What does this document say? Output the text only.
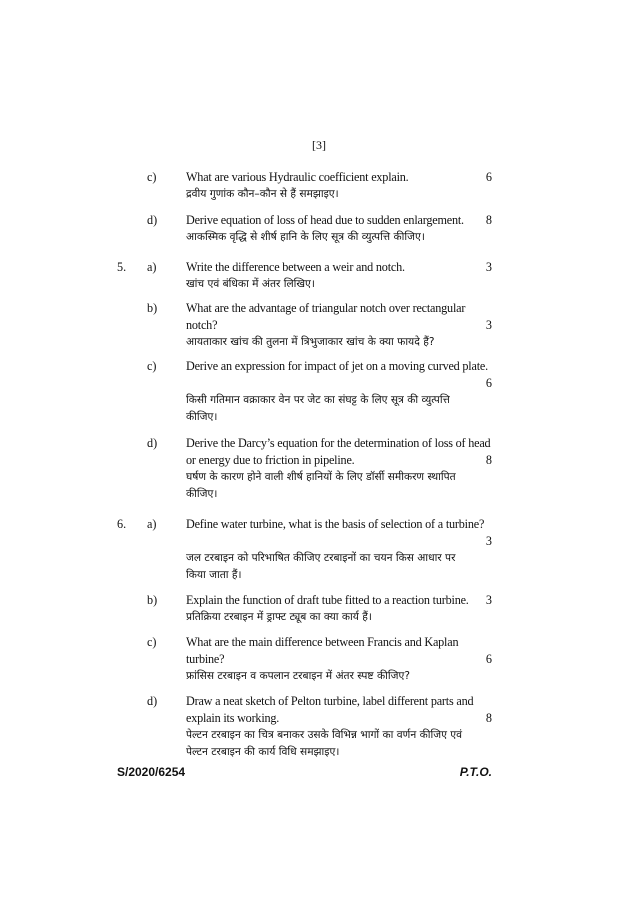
[3]
c) What are various Hydraulic coefficient explain.	6
द्रवीय गुणांक कौन–कौन से हैं समझाइए।
d) Derive equation of loss of head due to sudden enlargement. 8
आकस्मिक वृद्धि से शीर्ष हानि के लिए सूत्र की व्युत्पत्ति कीजिए।
5. a) Write the difference between a weir and notch.	3
खांच एवं बंधिका में अंतर लिखिए।
b) What are the advantage of triangular notch over rectangular
notch?	3
आयताकार खांच की तुलना में त्रिभुजाकार खांच के क्या फायदे हैं?
c) Derive an expression for impact of jet on a moving curved plate.
6
किसी गतिमान वक्राकार वेन पर जेट का संघट्ट के लिए सूत्र की व्युत्पत्ति
कीजिए।
d) Derive the Darcy’s equation for the determination of loss of head
or energy due to friction in pipeline.	8
घर्षण के कारण होने वाली शीर्ष हानियों के लिए डॉर्सी समीकरण स्थापित
कीजिए।
6. a) Define water turbine, what is the basis of selection of a turbine?
3
जल टरबाइन को परिभाषित कीजिए टरबाइनों का चयन किस आधार पर
किया जाता हैं।
b) Explain the function of draft tube fitted to a reaction turbine. 3
प्रतिक्रिया टरबाइन में ड्राफ्ट ट्यूब का क्या कार्य हैं।
c) What are the main difference between Francis and Kaplan
turbine?	6
फ्रांसिस टरबाइन व कपलान टरबाइन में अंतर स्पष्ट कीजिए?
d) Draw a neat sketch of Pelton turbine, label different parts and
explain its working.	8
पेल्टन टरबाइन का चित्र बनाकर उसके विभिन्न भागों का वर्णन कीजिए एवं
पेल्टन टरबाइन की कार्य विधि समझाइए।
S/2020/6254	P.T.O.
